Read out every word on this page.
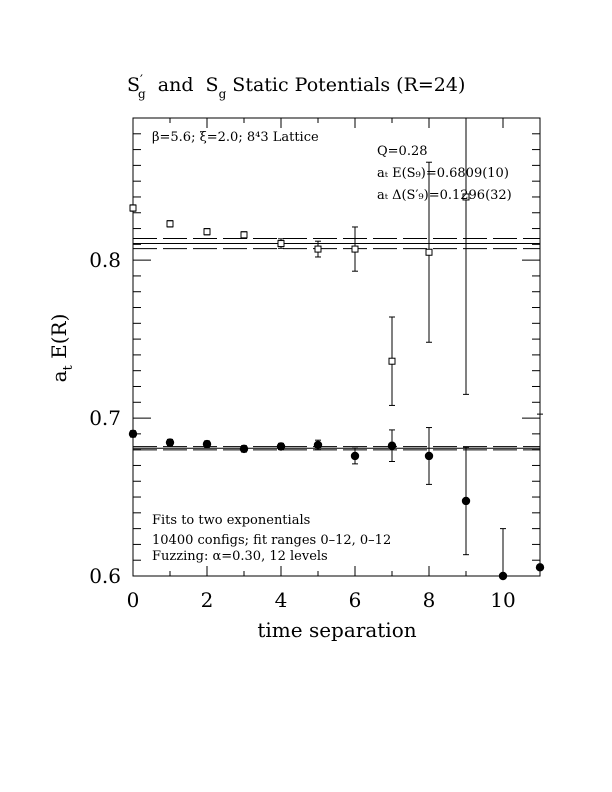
S′ g  and  $S_g$ Static Potentials (R=24)
0	2	4	6	8	10
0.6
0.7
0.8
time separation
$a_t$ E(R)
β=5.6; ξ=2.0; 8⁴3 Lattice
Q=0.28
aₜ E(S₉)=0.6809(10)
aₜ Δ(S′₉)=0.1296(32)
Fits to two exponentials
10400 configs; fit ranges 0–12, 0–12
Fuzzing: α=0.30, 12 levels
